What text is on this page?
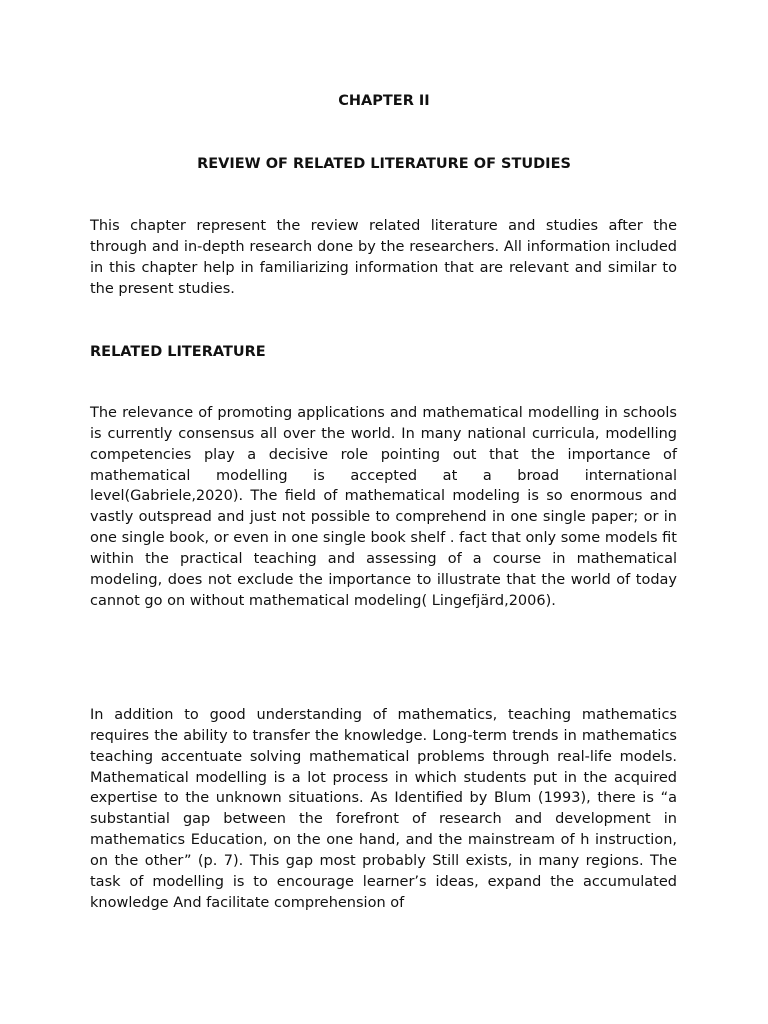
CHAPTER II
REVIEW OF RELATED LITERATURE OF STUDIES

This chapter represent the review related literature and studies after the through and in-depth research done by the researchers. All information included in this chapter help in familiarizing information that are relevant and similar to the present studies.

RELATED LITERATURE

The relevance of promoting applications and mathematical modelling in schools is currently consensus all over the world. In many national curricula, modelling competencies play a decisive role pointing out that the importance of mathematical modelling is accepted at a broad international level(Gabriele,2020). The field of mathematical modeling is so enormous and vastly outspread and just not possible to comprehend in one single paper; or in one single book, or even in one single book shelf . fact that only some models fit within the practical teaching and assessing of a course in mathematical modeling, does not exclude the importance to illustrate that the world of today cannot go on without mathematical modeling( Lingefjärd,2006).

In addition to good understanding of mathematics, teaching mathematics requires the ability to transfer the knowledge. Long-term trends in mathematics teaching accentuate solving mathematical problems through real-life models. Mathematical modelling is a lot process in which students put in the acquired expertise to the unknown situations. As Identified by Blum (1993), there is “a substantial gap between the forefront of research and development in mathematics Education, on the one hand, and the mainstream of h instruction, on the other” (p. 7). This gap most probably Still exists, in many regions. The task of modelling is to encourage learner’s ideas, expand the accumulated knowledge And facilitate comprehension of
